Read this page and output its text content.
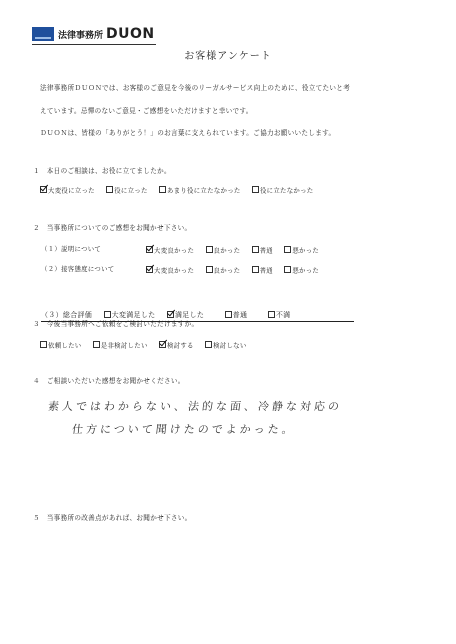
法律事務所 DUON
お客様アンケート
法律事務所ＤＵＯＮでは、お客様のご意見を今後のリーガルサービス向上のために、役立てたいと考
えています。忌憚のないご意見・ご感想をいただけますと幸いです。
ＤＵＯＮは、皆様の「ありがとう！」のお言葉に支えられています。ご協力お願いいたします。
１　本日のご相談は、お役に立てましたか。
大変役に立った	役に立った	あまり役に立たなかった	役に立たなかった
２　当事務所についてのご感想をお聞かせ下さい。
（１）説明について	大変良かった	良かった	普通	悪かった
（２）接客態度について	大変良かった	良かった	普通	悪かった
（３）総合評価	大変満足した	満足した	普通	不満
３　今後当事務所へご依頼をご検討いただけますか。
依頼したい	是非検討したい	検討する	検討しない
４　ご相談いただいた感想をお聞かせください。
素人ではわからない、法的な面、冷静な対応の
仕方について聞けたのでよかった。
５　当事務所の改善点があれば、お聞かせ下さい。
